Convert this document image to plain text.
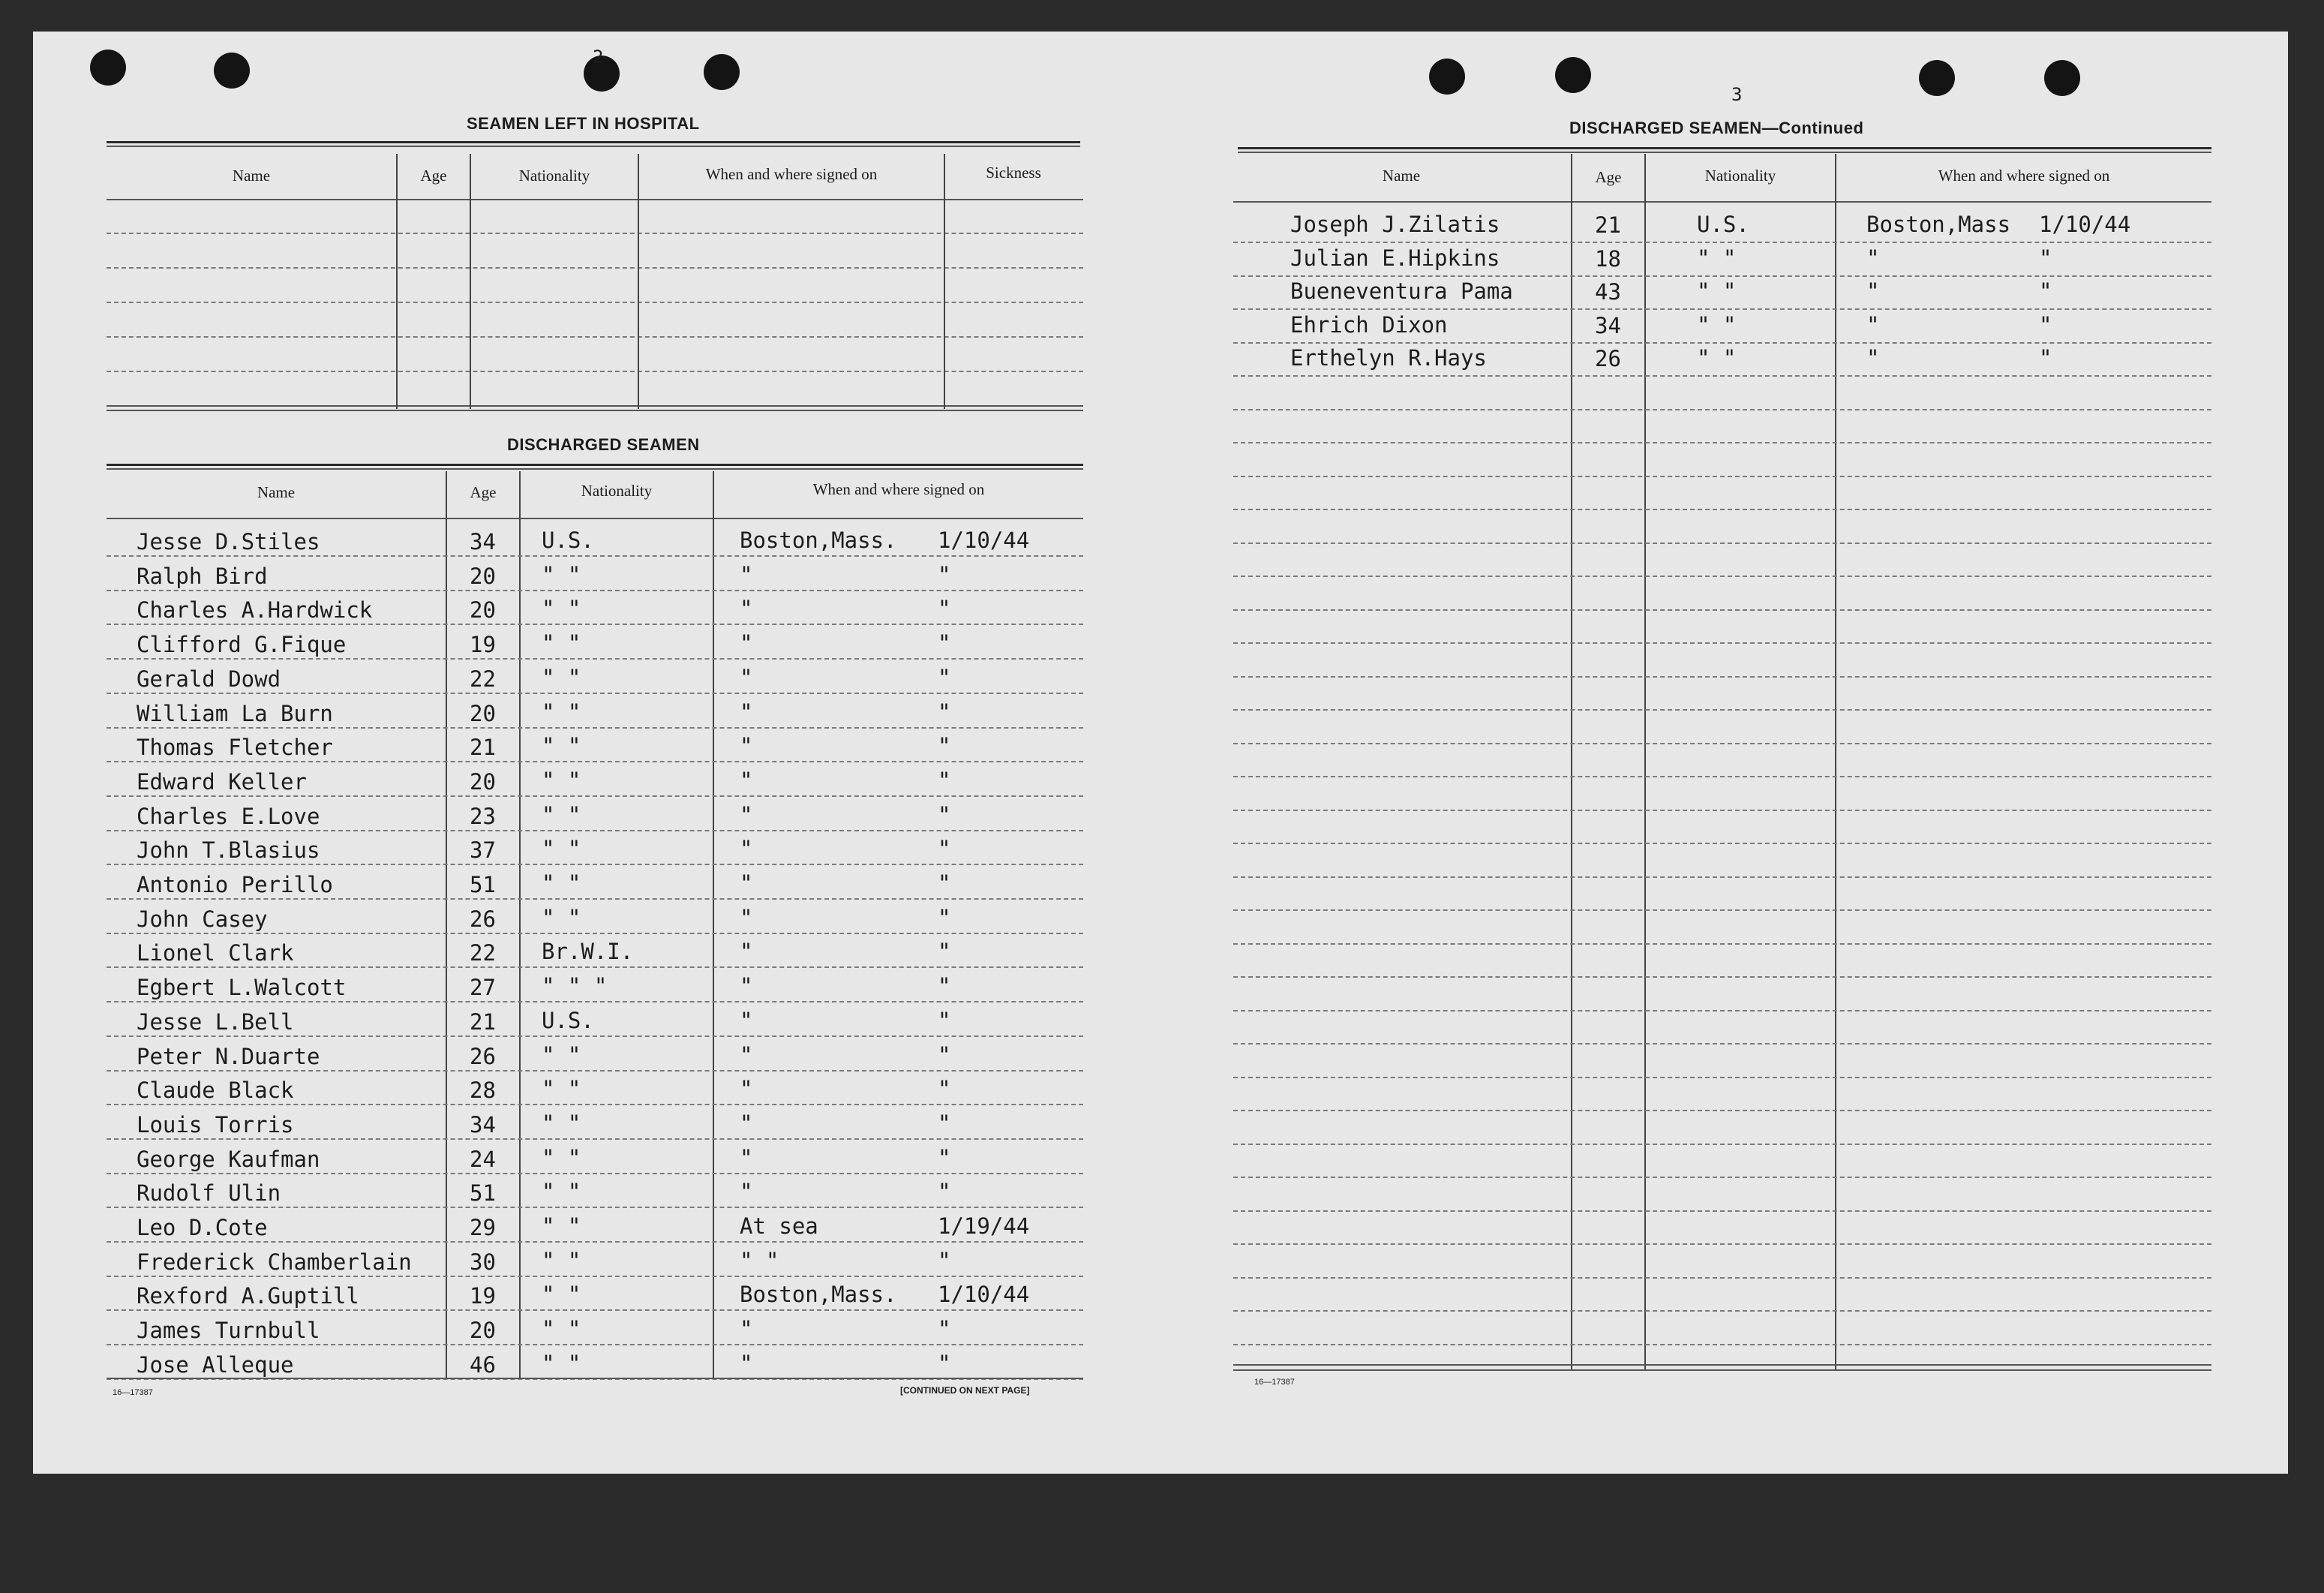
2
SEAMEN LEFT IN HOSPITAL
Name	Age	Nationality	When and where signed on	Sickness
DISCHARGED SEAMEN
Name	Age	Nationality	When and where signed on
Jesse D.Stiles	34 U.S.	Boston,Mass. 1/10/44
Ralph Bird	20 " "	"	"
Charles A.Hardwick	20 " "	"	"
Clifford G.Fique	19 " "	"	"
Gerald Dowd	22 " "	"	"
William La Burn	20 " "	"	"
Thomas Fletcher	21 " "	"	"
Edward Keller	20 " "	"	"
Charles E.Love	23 " "	"	"
John T.Blasius	37 " "	"	"
Antonio Perillo	51 " "	"	"
John Casey	26 " "	"	"
Lionel Clark	22 Br.W.I.	"	"
Egbert L.Walcott	27 " " "	"	"
Jesse L.Bell	21 U.S.	"	"
Peter N.Duarte	26 " "	"	"
Claude Black	28 " "	"	"
Louis Torris	34 " "	"	"
George Kaufman	24 " "	"	"
Rudolf Ulin	51 " "	"	"
Leo D.Cote	29 " "	At sea	1/19/44
Frederick Chamberlain	30 " "	" "	"
Rexford A.Guptill	19 " "	Boston,Mass. 1/10/44
James Turnbull	20 " "	"	"
Jose Alleque	46 " "	"	"
16—17387	[CONTINUED ON NEXT PAGE]
3
DISCHARGED SEAMEN—Continued
Name	Age	Nationality	When and where signed on
Joseph J.Zilatis	21	U.S.	Boston,Mass 1/10/44
Julian E.Hipkins	18	" "	"	"
Bueneventura Pama	43	" "	"	"
Ehrich Dixon	34	" "	"	"
Erthelyn R.Hays	26	" "	"	"
16—17387
